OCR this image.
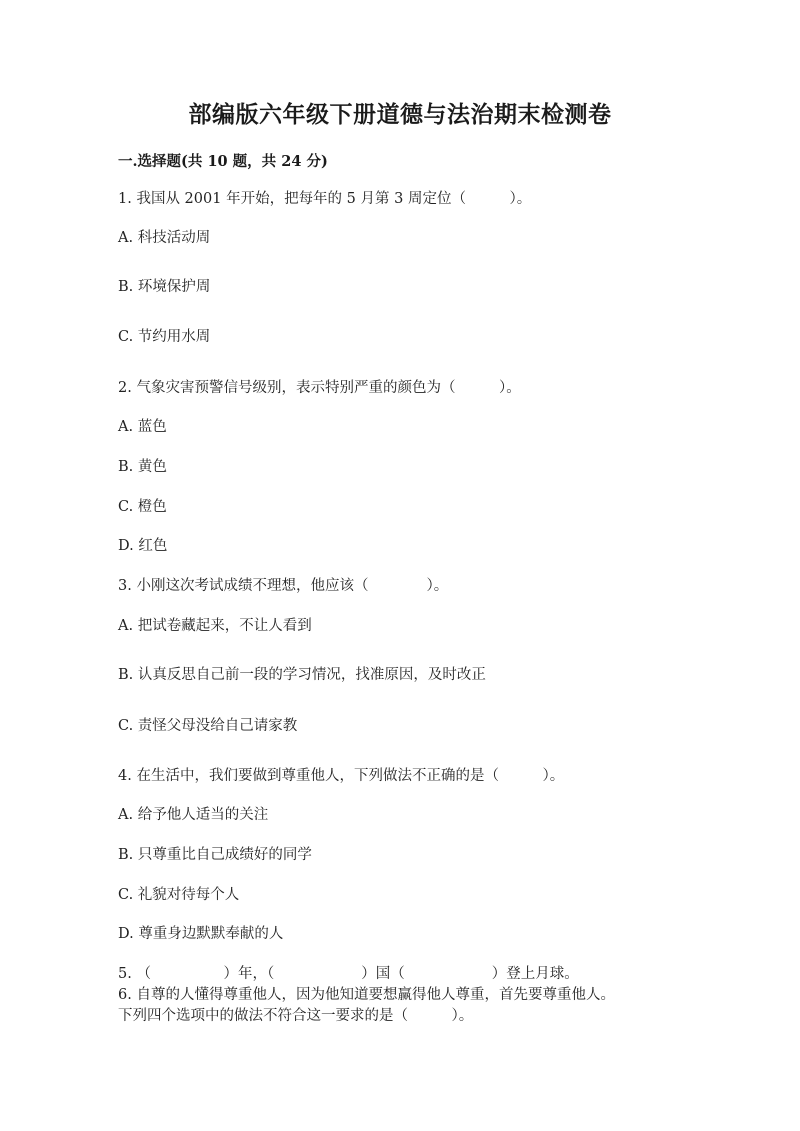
部编版六年级下册道德与法治期末检测卷
一.选择题(共 10 题，共 24 分)
1. 我国从 2001 年开始，把每年的 5 月第 3 周定位（　　　）。
A. 科技活动周
B. 环境保护周
C. 节约用水周
2. 气象灾害预警信号级别，表示特别严重的颜色为（　　　）。
A. 蓝色
B. 黄色
C. 橙色
D. 红色
3. 小刚这次考试成绩不理想，他应该（　　　　）。
A. 把试卷藏起来，不让人看到
B. 认真反思自己前一段的学习情况，找准原因，及时改正
C. 责怪父母没给自己请家教
4. 在生活中，我们要做到尊重他人，下列做法不正确的是（　　　）。
A. 给予他人适当的关注
B. 只尊重比自己成绩好的同学
C. 礼貌对待每个人
D. 尊重身边默默奉献的人
5. （　　　　　）年，（　　　　　　）国（　　　　　　）登上月球。
6. 自尊的人懂得尊重他人，因为他知道要想赢得他人尊重，首先要尊重他人。
下列四个选项中的做法不符合这一要求的是（　　　）。
